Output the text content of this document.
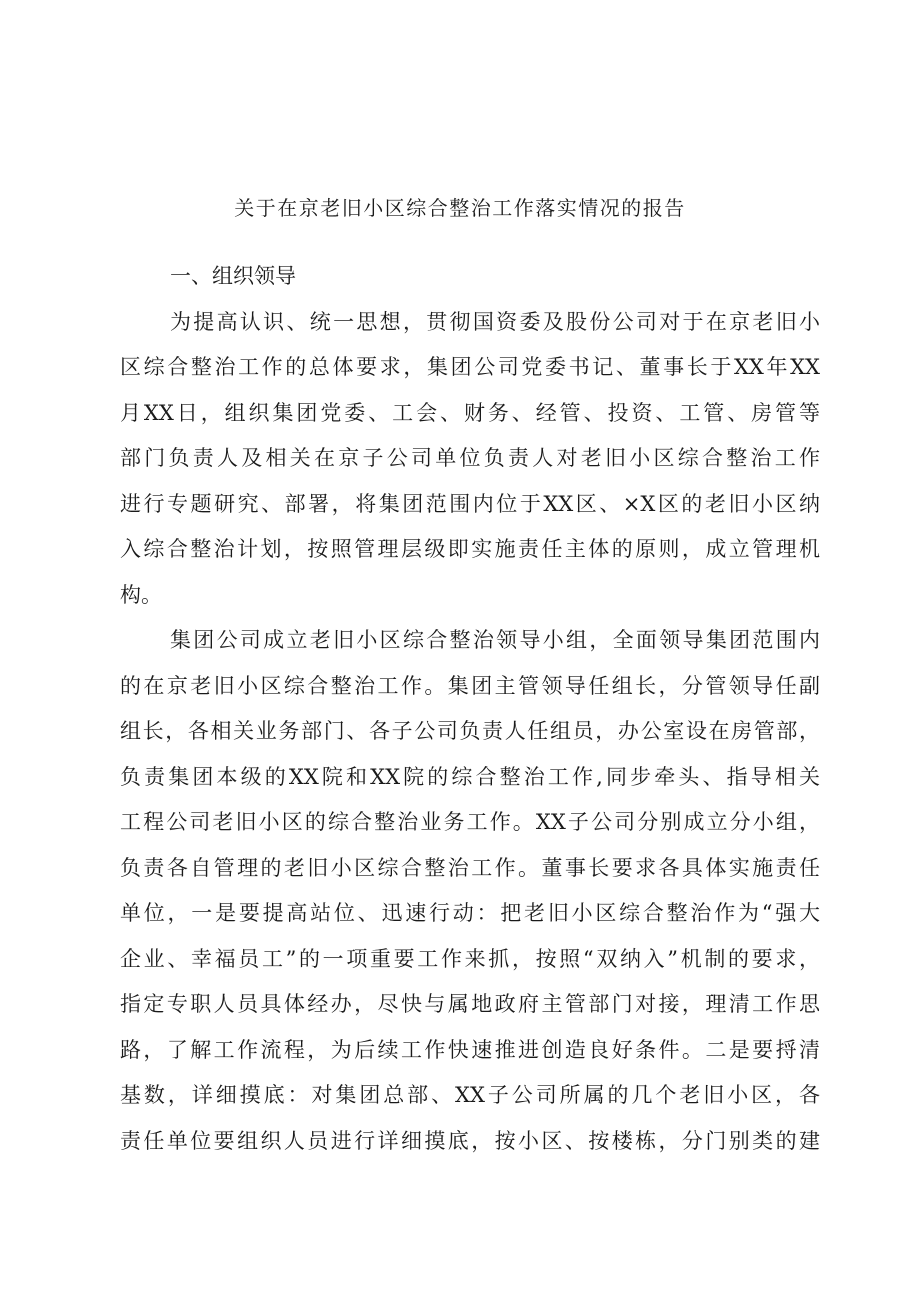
关于在京老旧小区综合整治工作落实情况的报告
一、组织领导
为提高认识、统一思想，贯彻国资委及股份公司对于在京老旧小
区综合整治工作的总体要求，集团公司党委书记、董事长于XX年XX
月XX日，组织集团党委、工会、财务、经管、投资、工管、房管等
部门负责人及相关在京子公司单位负责人对老旧小区综合整治工作
进行专题研究、部署，将集团范围内位于XX区、×X区的老旧小区纳
入综合整治计划，按照管理层级即实施责任主体的原则，成立管理机
构。
集团公司成立老旧小区综合整治领导小组，全面领导集团范围内
的在京老旧小区综合整治工作。集团主管领导任组长，分管领导任副
组长，各相关业务部门、各子公司负责人任组员，办公室设在房管部，
负责集团本级的XX院和XX院的综合整治工作,同步牵头、指导相关
工程公司老旧小区的综合整治业务工作。XX子公司分别成立分小组，
负责各自管理的老旧小区综合整治工作。董事长要求各具体实施责任
单位，一是要提高站位、迅速行动：把老旧小区综合整治作为“强大
企业、幸福员工”的一项重要工作来抓，按照“双纳入”机制的要求，
指定专职人员具体经办，尽快与属地政府主管部门对接，理清工作思
路，了解工作流程，为后续工作快速推进创造良好条件。二是要捋清
基数，详细摸底：对集团总部、XX子公司所属的几个老旧小区，各
责任单位要组织人员进行详细摸底，按小区、按楼栋，分门别类的建
